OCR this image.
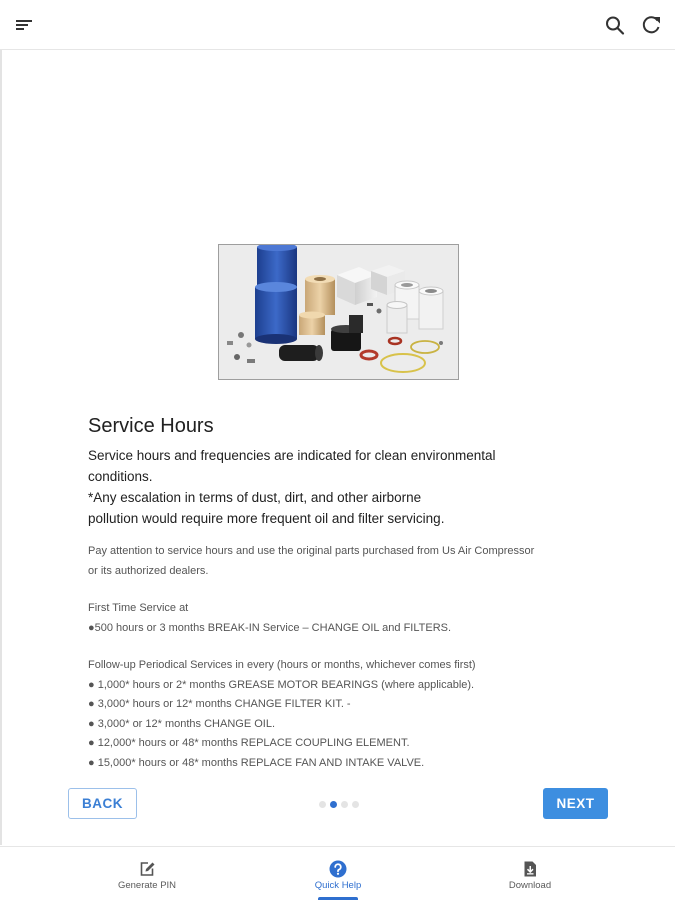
Service Hours
Service hours and frequencies are indicated for clean environmental
conditions.
*Any escalation in terms of dust, dirt, and other airborne
pollution would require more frequent oil and filter servicing.
Pay attention to service hours and use the original parts purchased from Us Air Compressor
or its authorized dealers.
First Time Service at
●500 hours or 3 months BREAK-IN Service – CHANGE OIL and FILTERS.
Follow-up Periodical Services in every (hours or months, whichever comes first)
● 1,000* hours or 2* months GREASE MOTOR BEARINGS (where applicable).
● 3,000* hours or 12* months CHANGE FILTER KIT. -
● 3,000* or 12* months CHANGE OIL.
● 12,000* hours or 48* months REPLACE COUPLING ELEMENT.
● 15,000* hours or 48* months REPLACE FAN AND INTAKE VALVE.
BACK	NEXT
Generate PIN	Quick Help	Download
